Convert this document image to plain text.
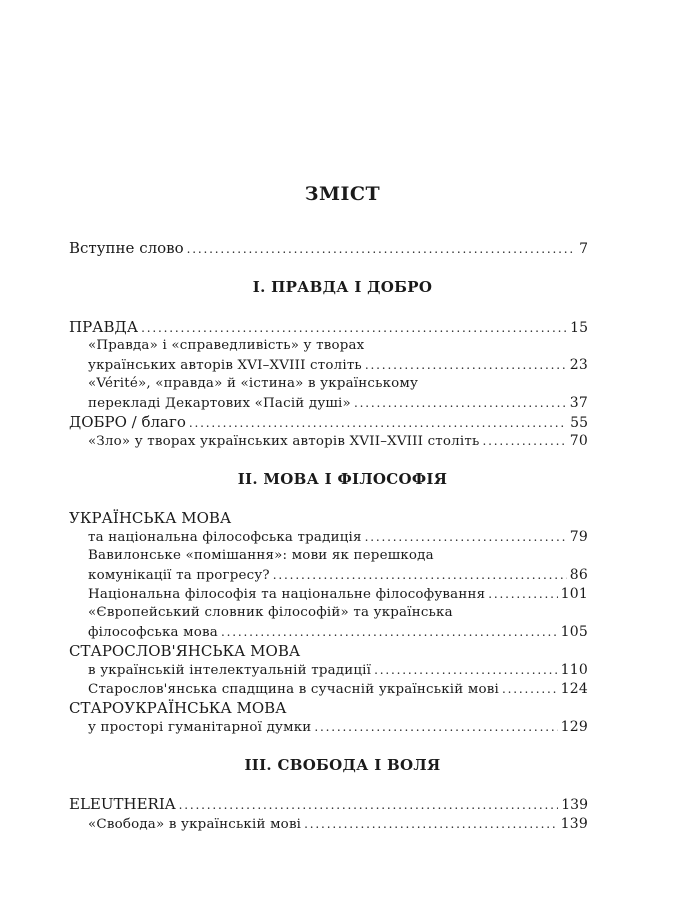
ЗМІСТ
Вступне слово . . .	7
І. ПРАВДА І ДОБРО
ПРАВДА . . .	15
«Правда» і «справедливість» у творах
українських авторів XVI–XVIII століть . . .	23
«Vérité», «правда» й «істина» в українському
перекладі Декартових «Пасій душі» . . .	37
ДОБРО / благо . . .	55
«Зло» у творах українських авторів XVII–XVIII століть . . .	70
ІІ. МОВА І ФІЛОСОФІЯ
УКРАЇНСЬКА МОВА
та національна філософська традиція . . .	79
Вавилонське «помішання»: мови як перешкода
комунікації та прогресу? . . .	86
Національна філософія та національне філософування . . .	101
«Європейський словник філософій» та українська
філософська мова . . .	105
СТАРОСЛОВ'ЯНСЬКА МОВА
в українській інтелектуальній традиції . . .	110
Старослов'янська спадщина в сучасній українській мові . . .	124
СТАРОУКРАЇНСЬКА МОВА
у просторі гуманітарної думки . . .	129
ІІІ. СВОБОДА І ВОЛЯ
ELEUTHERIA . . .	139
«Свобода» в українській мові . . .	139
